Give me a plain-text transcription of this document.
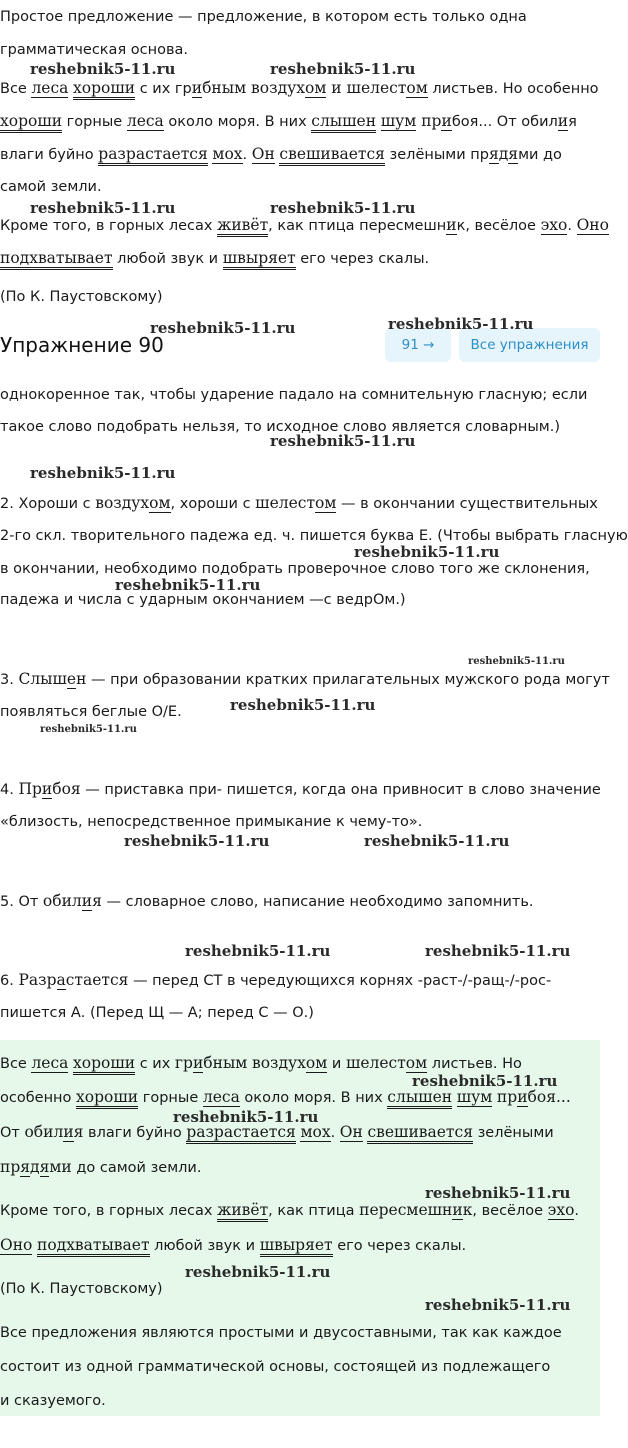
Простое предложение — предложение, в котором есть только одна
грамматическая основа.
Все леса хороши с их грибным воздухом и шелестом листьев. Но особенно
хороши горные леса около моря. В них слышен шум прибоя... От обилия
влаги буйно разрастается мох. Он свешивается зелёными прядями до
самой земли.
Кроме того, в горных лесах живёт, как птица пересмешник, весёлое эхо. Оно
подхватывает любой звук и швыряет его через скалы.
(По К. Паустовскому)
Упражнение 90	91 →	Все упражнения
однокоренное так, чтобы ударение падало на сомнительную гласную; если
такое слово подобрать нельзя, то исходное слово является словарным.)
2. Хороши с воздухом, хороши с шелестом — в окончании существительных
2-го скл. творительного падежа ед. ч. пишется буква Е. (Чтобы выбрать гласную
в окончании, необходимо подобрать проверочное слово того же склонения,
падежа и числа с ударным окончанием —с ведрОм.)
3. Слышен — при образовании кратких прилагательных мужского рода могут
появляться беглые О/Е.
4. Прибоя — приставка при- пишется, когда она привносит в слово значение
«близость, непосредственное примыкание к чему-то».
5. От обилия — словарное слово, написание необходимо запомнить.
6. Разрастается — перед СТ в чередующихся корнях -раст-/-ращ-/-рос-
пишется А. (Перед Щ — А; перед С — О.)
Все леса хороши с их грибным воздухом и шелестом листьев. Но
особенно хороши горные леса около моря. В них слышен шум прибоя...
От обилия влаги буйно разрастается мох. Он свешивается зелёными
прядями до самой земли.
Кроме того, в горных лесах живёт, как птица пересмешник, весёлое эхо.
Оно подхватывает любой звук и швыряет его через скалы.
(По К. Паустовскому)
Все предложения являются простыми и двусоставными, так как каждое
состоит из одной грамматической основы, состоящей из подлежащего
и сказуемого.
reshebnik5-11.ru	reshebnik5-11.ru
reshebnik5-11.ru	reshebnik5-11.ru
reshebnik5-11.ru	reshebnik5-11.ru
reshebnik5-11.ru
reshebnik5-11.ru
reshebnik5-11.ru
reshebnik5-11.ru
reshebnik5-11.ru
reshebnik5-11.ru
reshebnik5-11.ru
reshebnik5-11.ru	reshebnik5-11.ru
reshebnik5-11.ru	reshebnik5-11.ru
reshebnik5-11.ru
reshebnik5-11.ru
reshebnik5-11.ru
reshebnik5-11.ru
reshebnik5-11.ru
